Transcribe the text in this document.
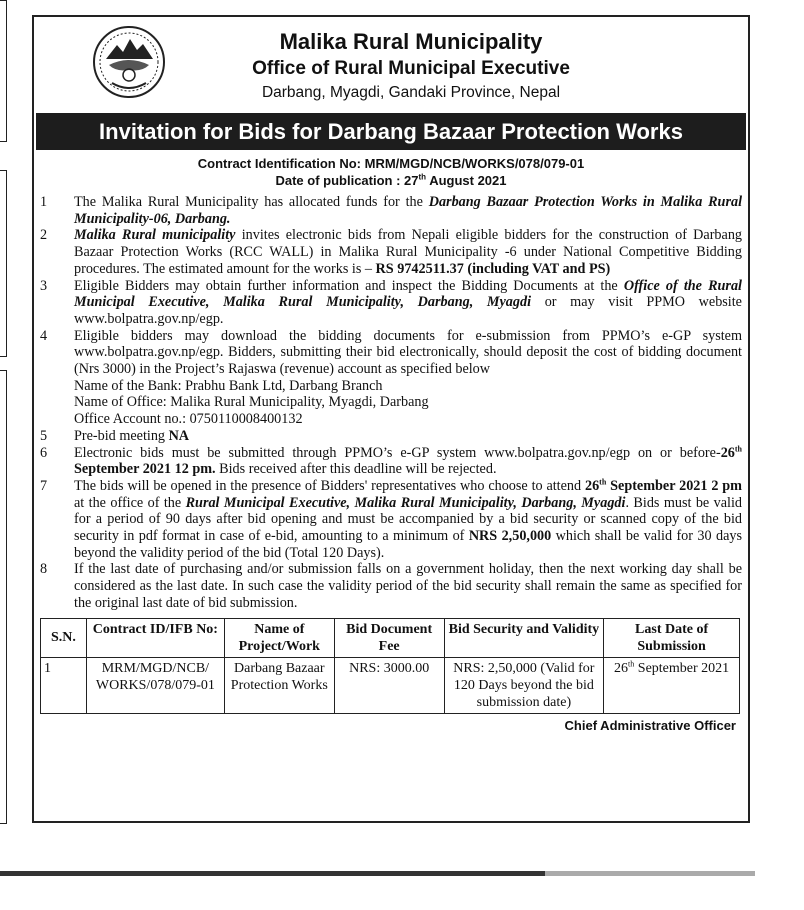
Malika Rural Municipality
Office of Rural Municipal Executive
Darbang, Myagdi, Gandaki Province, Nepal
Invitation for Bids for Darbang Bazaar Protection Works
Contract Identification No: MRM/MGD/NCB/WORKS/078/079-01
Date of publication : 27th August 2021
1	The Malika Rural Municipality has allocated funds for the Darbang Bazaar Protection Works in Malika Rural Municipality-06, Darbang.
2	Malika Rural municipality invites electronic bids from Nepali eligible bidders for the construction of Darbang Bazaar Protection Works (RCC WALL) in Malika Rural Municipality -6 under National Competitive Bidding procedures. The estimated amount for the works is – RS 9742511.37 (including VAT and PS)
3	Eligible Bidders may obtain further information and inspect the Bidding Documents at the Office of the Rural Municipal Executive, Malika Rural Municipality, Darbang, Myagdi or may visit PPMO website www.bolpatra.gov.np/egp.
4	Eligible bidders may download the bidding documents for e-submission from PPMO’s e-GP system www.bolpatra.gov.np/egp. Bidders, submitting their bid electronically, should deposit the cost of bidding document (Nrs 3000) in the Project’s Rajaswa (revenue) account as specified below
Name of the Bank: Prabhu Bank Ltd, Darbang Branch
Name of Office: Malika Rural Municipality, Myagdi, Darbang
Office Account no.: 0750110008400132
5	Pre-bid meeting NA
6	Electronic bids must be submitted through PPMO’s e-GP system www.bolpatra.gov.np/egp on or before-26th September 2021 12 pm. Bids received after this deadline will be rejected.
7	The bids will be opened in the presence of Bidders' representatives who choose to attend 26th September 2021 2 pm at the office of the Rural Municipal Executive, Malika Rural Municipality, Darbang, Myagdi. Bids must be valid for a period of 90 days after bid opening and must be accompanied by a bid security or scanned copy of the bid security in pdf format in case of e-bid, amounting to a minimum of NRS 2,50,000 which shall be valid for 30 days beyond the validity period of the bid (Total 120 Days).
8	If the last date of purchasing and/or submission falls on a government holiday, then the next working day shall be considered as the last date. In such case the validity period of the bid security shall remain the same as specified for the original last date of bid submission.
S.N.	Contract ID/IFB No:	Name of Project/Work	Bid Document Fee	Bid Security and Validity	Last Date of Submission
1	MRM/MGD/NCB/ WORKS/078/079-01	Darbang Bazaar Protection Works	NRS: 3000.00	NRS: 2,50,000 (Valid for 120 Days beyond the bid submission date)	26th September 2021
Chief Administrative Officer
